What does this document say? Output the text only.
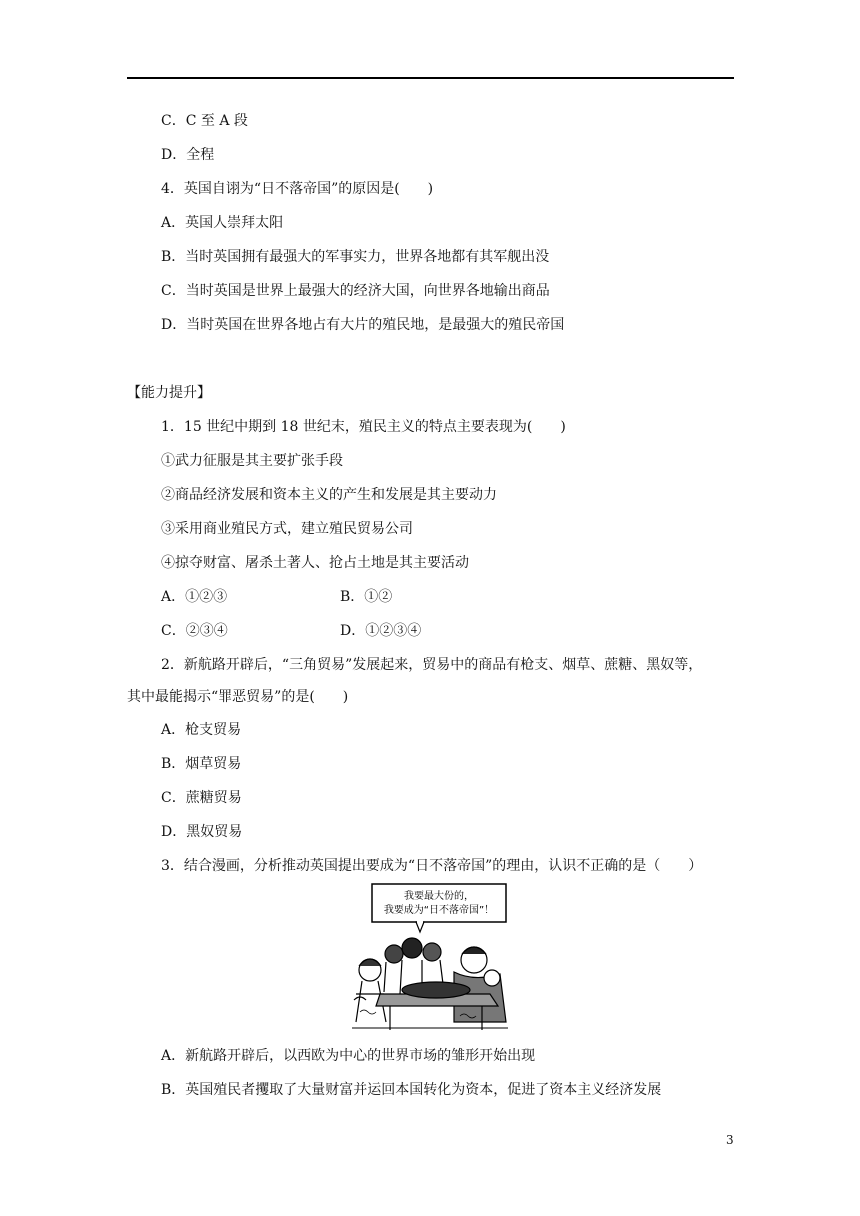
C．C 至 A 段
D．全程
4．英国自诩为“日不落帝国”的原因是(　　)
A．英国人崇拜太阳
B．当时英国拥有最强大的军事实力，世界各地都有其军舰出没
C．当时英国是世界上最强大的经济大国，向世界各地输出商品
D．当时英国在世界各地占有大片的殖民地，是最强大的殖民帝国
【能力提升】
1．15 世纪中期到 18 世纪末，殖民主义的特点主要表现为(　　)
①武力征服是其主要扩张手段
②商品经济发展和资本主义的产生和发展是其主要动力
③采用商业殖民方式，建立殖民贸易公司
④掠夺财富、屠杀土著人、抢占土地是其主要活动
A．①②③	B．①②
C．②③④	D．①②③④
2．新航路开辟后，“三角贸易”发展起来，贸易中的商品有枪支、烟草、蔗糖、黑奴等，
其中最能揭示“罪恶贸易”的是(　　)
A．枪支贸易
B．烟草贸易
C．蔗糖贸易
D．黑奴贸易
3．结合漫画，分析推动英国提出要成为“日不落帝国”的理由，认识不正确的是（　　）
我要最大份的，
我要成为“日不落帝国”！
A．新航路开辟后，以西欧为中心的世界市场的雏形开始出现
B．英国殖民者攫取了大量财富并运回本国转化为资本，促进了资本主义经济发展
3
